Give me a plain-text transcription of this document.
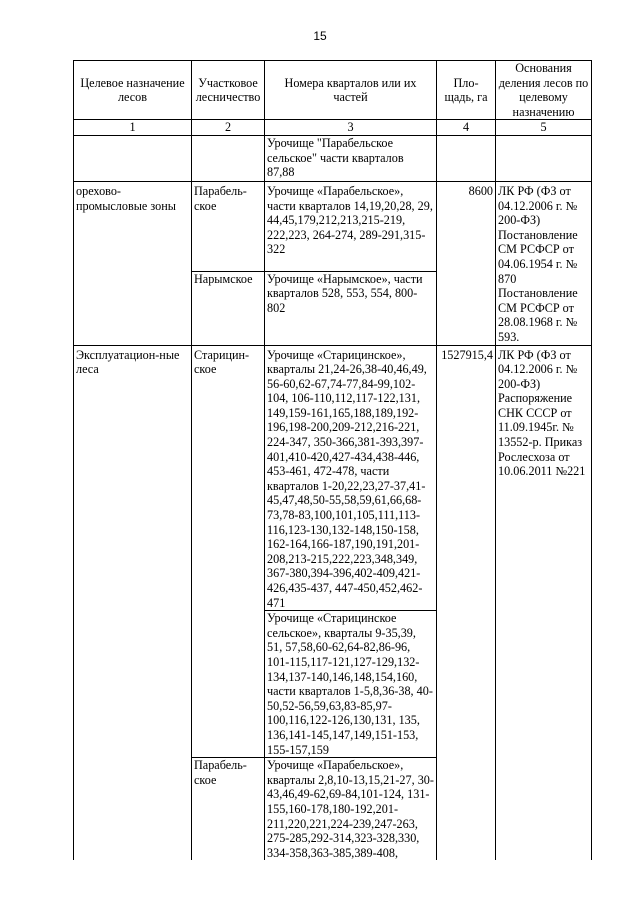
15
Целевое назначение лесов	Участковое лесничество	Номера кварталов или их частей	Пло-щадь, га	Основания деления лесов по целевому назначению
1	2	3	4	5
		Урочище "Парабельское сельское" части кварталов 87,88		
орехово-промысловые зоны	Парабель-ское	Урочище «Парабельское», части кварталов 14,19,20,28, 29, 44,45,179,212,213,215-219, 222,223, 264-274, 289-291,315-322	8600	ЛК РФ (ФЗ от 04.12.2006 г. № 200-ФЗ) Постановление СМ РСФСР от 04.06.1954 г. № 870 Постановление СМ РСФСР от 28.08.1968 г. № 593.
	Нарымское	Урочище «Нарымское», части кварталов 528, 553, 554, 800-802		
Эксплуатацион-ные леса	Старицин-ское	Урочище «Старицинское», кварталы 21,24-26,38-40,46,49, 56-60,62-67,74-77,84-99,102-104, 106-110,112,117-122,131, 149,159-161,165,188,189,192-196,198-200,209-212,216-221, 224-347, 350-366,381-393,397-401,410-420,427-434,438-446, 453-461, 472-478, части кварталов 1-20,22,23,27-37,41-45,47,48,50-55,58,59,61,66,68-73,78-83,100,101,105,111,113-116,123-130,132-148,150-158, 162-164,166-187,190,191,201-208,213-215,222,223,348,349, 367-380,394-396,402-409,421-426,435-437, 447-450,452,462-471	1527915,4	ЛК РФ (ФЗ от 04.12.2006 г. № 200-ФЗ) Распоряжение СНК СССР от 11.09.1945г. № 13552-р. Приказ Рослесхоза от 10.06.2011 №221
		Урочище «Старицинское сельское», кварталы 9-35,39, 51, 57,58,60-62,64-82,86-96, 101-115,117-121,127-129,132-134,137-140,146,148,154,160, части кварталов 1-5,8,36-38, 40-50,52-56,59,63,83-85,97-100,116,122-126,130,131, 135, 136,141-145,147,149,151-153, 155-157,159		
	Парабель-ское	Урочище «Парабельское», кварталы 2,8,10-13,15,21-27, 30-43,46,49-62,69-84,101-124, 131-155,160-178,180-192,201-211,220,221,224-239,247-263, 275-285,292-314,323-328,330, 334-358,363-385,389-408,		
